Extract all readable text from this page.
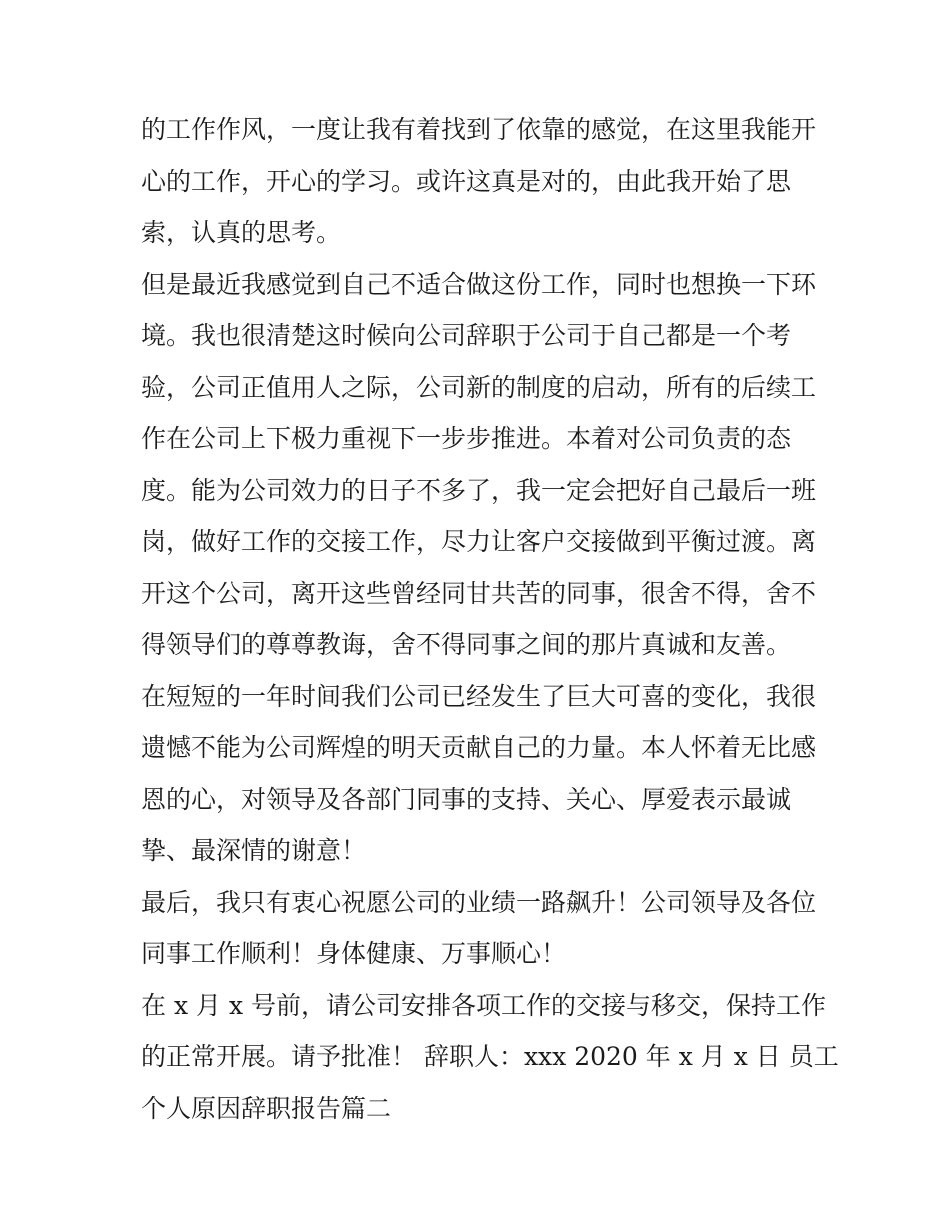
的工作作风，一度让我有着找到了依靠的感觉，在这里我能开
心的工作，开心的学习。或许这真是对的，由此我开始了思
索，认真的思考。
但是最近我感觉到自己不适合做这份工作，同时也想换一下环
境。我也很清楚这时候向公司辞职于公司于自己都是一个考
验，公司正值用人之际，公司新的制度的启动，所有的后续工
作在公司上下极力重视下一步步推进。本着对公司负责的态
度。能为公司效力的日子不多了，我一定会把好自己最后一班
岗，做好工作的交接工作，尽力让客户交接做到平衡过渡。离
开这个公司，离开这些曾经同甘共苦的同事，很舍不得，舍不
得领导们的尊尊教诲，舍不得同事之间的那片真诚和友善。
在短短的一年时间我们公司已经发生了巨大可喜的变化，我很
遗憾不能为公司辉煌的明天贡献自己的力量。本人怀着无比感
恩的心，对领导及各部门同事的支持、关心、厚爱表示最诚
挚、最深情的谢意！
最后，我只有衷心祝愿公司的业绩一路飙升！公司领导及各位
同事工作顺利！身体健康、万事顺心！
在 x 月 x 号前，请公司安排各项工作的交接与移交，保持工作
的正常开展。请予批准！ 辞职人：xxx 2020 年 x 月 x 日 员工
个人原因辞职报告篇二
